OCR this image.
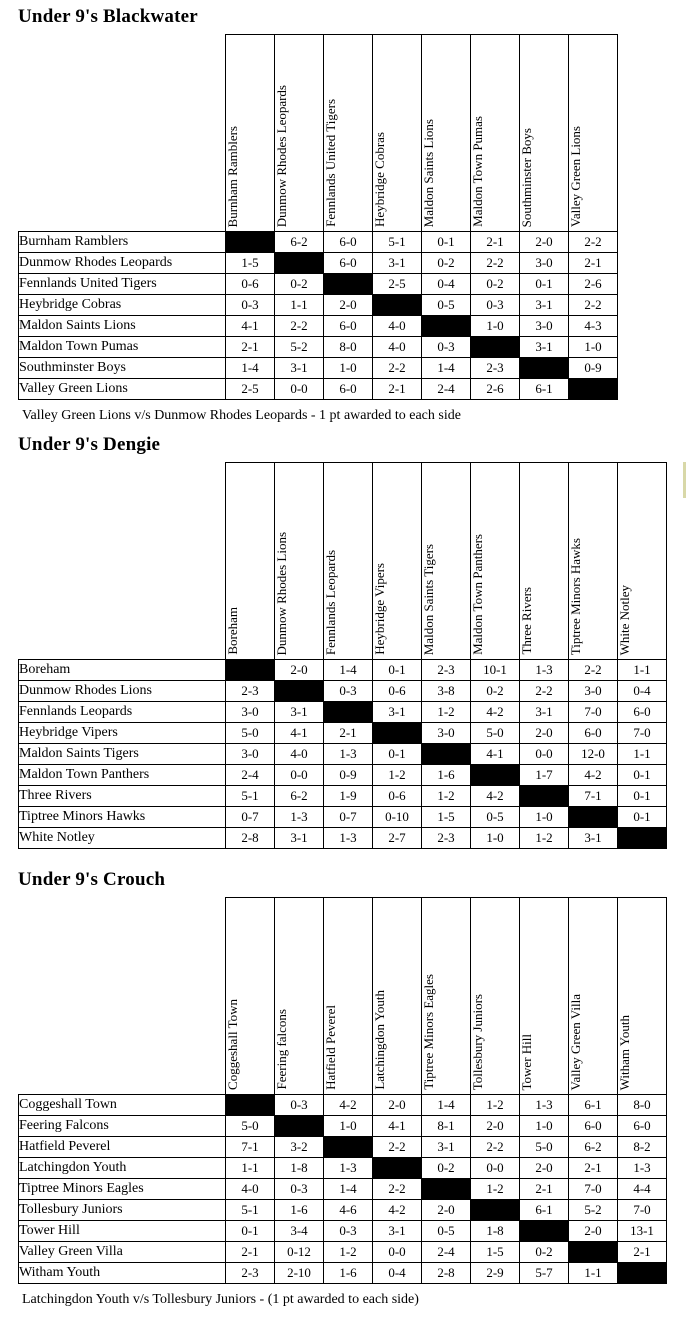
Under 9's Blackwater
	Burnham Ramblers	Dunmow Rhodes Leopards	Fennlands United Tigers	Heybridge Cobras	Maldon Saints Lions	Maldon Town Pumas	Southminster Boys	Valley Green Lions
Burnham Ramblers		6-2	6-0	5-1	0-1	2-1	2-0	2-2
Dunmow Rhodes Leopards	1-5		6-0	3-1	0-2	2-2	3-0	2-1
Fennlands United Tigers	0-6	0-2		2-5	0-4	0-2	0-1	2-6
Heybridge Cobras	0-3	1-1	2-0		0-5	0-3	3-1	2-2
Maldon Saints Lions	4-1	2-2	6-0	4-0		1-0	3-0	4-3
Maldon Town Pumas	2-1	5-2	8-0	4-0	0-3		3-1	1-0
Southminster Boys	1-4	3-1	1-0	2-2	1-4	2-3		0-9
Valley Green Lions	2-5	0-0	6-0	2-1	2-4	2-6	6-1	
Valley Green Lions v/s Dunmow Rhodes Leopards - 1 pt awarded to each side
Under 9's Dengie
	Boreham	Dunmow Rhodes Lions	Fennlands Leopards	Heybridge Vipers	Maldon Saints Tigers	Maldon Town Panthers	Three Rivers	Tiptree Minors Hawks	White Notley
Boreham		2-0	1-4	0-1	2-3	10-1	1-3	2-2	1-1
Dunmow Rhodes Lions	2-3		0-3	0-6	3-8	0-2	2-2	3-0	0-4
Fennlands Leopards	3-0	3-1		3-1	1-2	4-2	3-1	7-0	6-0
Heybridge Vipers	5-0	4-1	2-1		3-0	5-0	2-0	6-0	7-0
Maldon Saints Tigers	3-0	4-0	1-3	0-1		4-1	0-0	12-0	1-1
Maldon Town Panthers	2-4	0-0	0-9	1-2	1-6		1-7	4-2	0-1
Three Rivers	5-1	6-2	1-9	0-6	1-2	4-2		7-1	0-1
Tiptree Minors Hawks	0-7	1-3	0-7	0-10	1-5	0-5	1-0		0-1
White Notley	2-8	3-1	1-3	2-7	2-3	1-0	1-2	3-1	
Under 9's Crouch
	Coggeshall Town	Feering falcons	Hatfield Peverel	Latchingdon Youth	Tiptree Minors Eagles	Tollesbury Juniors	Tower Hill	Valley Green Villa	Witham Youth
Coggeshall Town		0-3	4-2	2-0	1-4	1-2	1-3	6-1	8-0
Feering Falcons	5-0		1-0	4-1	8-1	2-0	1-0	6-0	6-0
Hatfield Peverel	7-1	3-2		2-2	3-1	2-2	5-0	6-2	8-2
Latchingdon Youth	1-1	1-8	1-3		0-2	0-0	2-0	2-1	1-3
Tiptree Minors Eagles	4-0	0-3	1-4	2-2		1-2	2-1	7-0	4-4
Tollesbury Juniors	5-1	1-6	4-6	4-2	2-0		6-1	5-2	7-0
Tower Hill	0-1	3-4	0-3	3-1	0-5	1-8		2-0	13-1
Valley Green Villa	2-1	0-12	1-2	0-0	2-4	1-5	0-2		2-1
Witham Youth	2-3	2-10	1-6	0-4	2-8	2-9	5-7	1-1	
Latchingdon Youth v/s Tollesbury Juniors - (1 pt awarded to each side)
